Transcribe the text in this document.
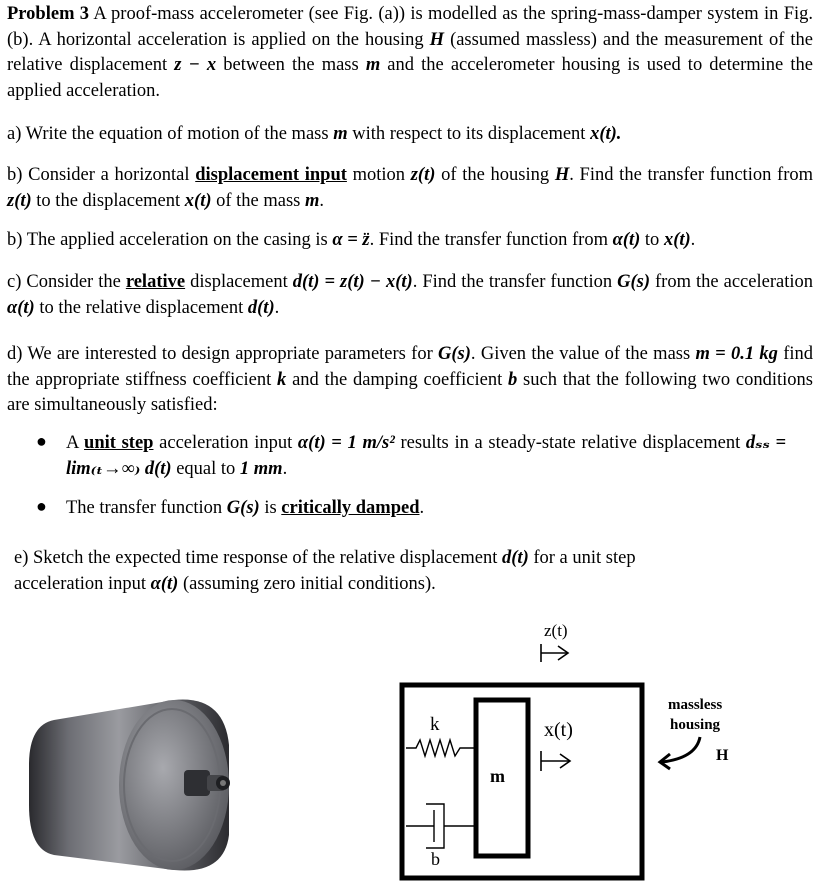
Problem 3 A proof-mass accelerometer (see Fig. (a)) is modelled as the spring-mass-damper system in Fig. (b). A horizontal acceleration is applied on the housing H (assumed massless) and the measurement of the relative displacement z − x between the mass m and the accelerometer housing is used to determine the applied acceleration.
a) Write the equation of motion of the mass m with respect to its displacement x(t).
b) Consider a horizontal displacement input motion z(t) of the housing H. Find the transfer function from z(t) to the displacement x(t) of the mass m.
b) The applied acceleration on the casing is α = z̈. Find the transfer function from α(t) to x(t).
c) Consider the relative displacement d(t) = z(t) − x(t). Find the transfer function G(s) from the acceleration α(t) to the relative displacement d(t).
d) We are interested to design appropriate parameters for G(s). Given the value of the mass m = 0.1 kg find the appropriate stiffness coefficient k and the damping coefficient b such that the following two conditions are simultaneously satisfied:
● A unit step acceleration input α(t) = 1 m/s² results in a steady-state relative displacement dₛₛ = lim₍ₜ→∞₎ d(t) equal to 1 mm.
● The transfer function G(s) is critically damped.
e) Sketch the expected time response of the relative displacement d(t) for a unit step acceleration input α(t) (assuming zero initial conditions).
z(t)
m
k
b
x(t)
massless
housing
H
